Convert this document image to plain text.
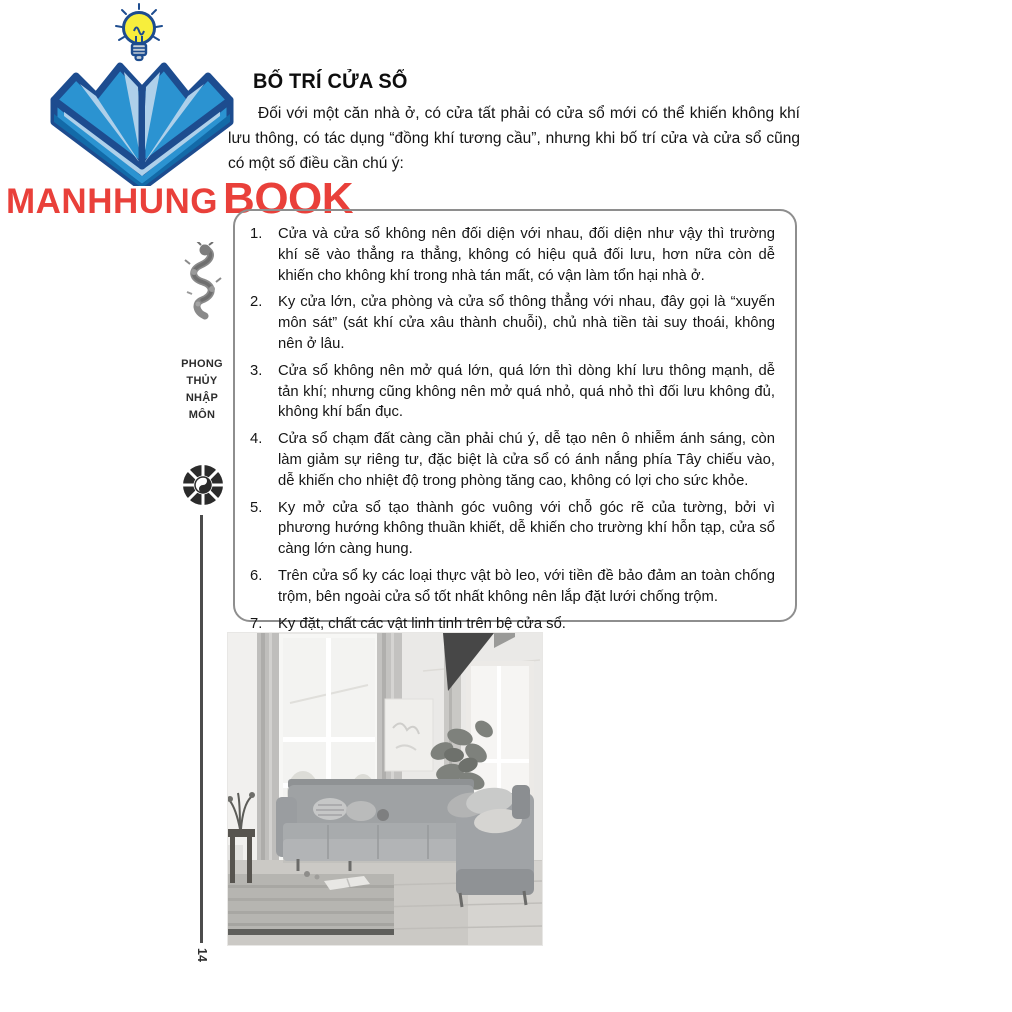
MANHHUNG BOOK
BỐ TRÍ CỬA SỔ

Đối với một căn nhà ở, có cửa tất phải có cửa sổ mới có thể khiến không khí lưu thông, có tác dụng “đồng khí tương cầu”, nhưng khi bố trí cửa và cửa sổ cũng có một số điều cần chú ý:

1.	Cửa và cửa sổ không nên đối diện với nhau, đối diện như vậy thì trường khí sẽ vào thẳng ra thẳng, không có hiệu quả đối lưu, hơn nữa còn dễ khiến cho không khí trong nhà tán mất, có vận làm tổn hại nhà ở.
2.	Ky cửa lớn, cửa phòng và cửa sổ thông thẳng với nhau, đây gọi là “xuyến môn sát” (sát khí cửa xâu thành chuỗi), chủ nhà tiền tài suy thoái, không nên ở lâu.
3.	Cửa sổ không nên mở quá lớn, quá lớn thì dòng khí lưu thông mạnh, dễ tản khí; nhưng cũng không nên mở quá nhỏ, quá nhỏ thì đối lưu không đủ, không khí bẩn đục.
4.	Cửa sổ chạm đất càng cần phải chú ý, dễ tạo nên ô nhiễm ánh sáng, còn làm giảm sự riêng tư, đặc biệt là cửa sổ có ánh nắng phía Tây chiếu vào, dễ khiến cho nhiệt độ trong phòng tăng cao, không có lợi cho sức khỏe.
5.	Ky mở cửa sổ tạo thành góc vuông với chỗ góc rẽ của tường, bởi vì phương hướng không thuần khiết, dễ khiến cho trường khí hỗn tạp, cửa sổ càng lớn càng hung.
6.	Trên cửa sổ ky các loại thực vật bò leo, với tiền đề bảo đảm an toàn chống trộm, bên ngoài cửa sổ tốt nhất không nên lắp đặt lưới chống trộm.
7.	Ky đặt, chất các vật linh tinh trên bệ cửa sổ.
PHONG
THỦY
NHẬP
MÔN
14
